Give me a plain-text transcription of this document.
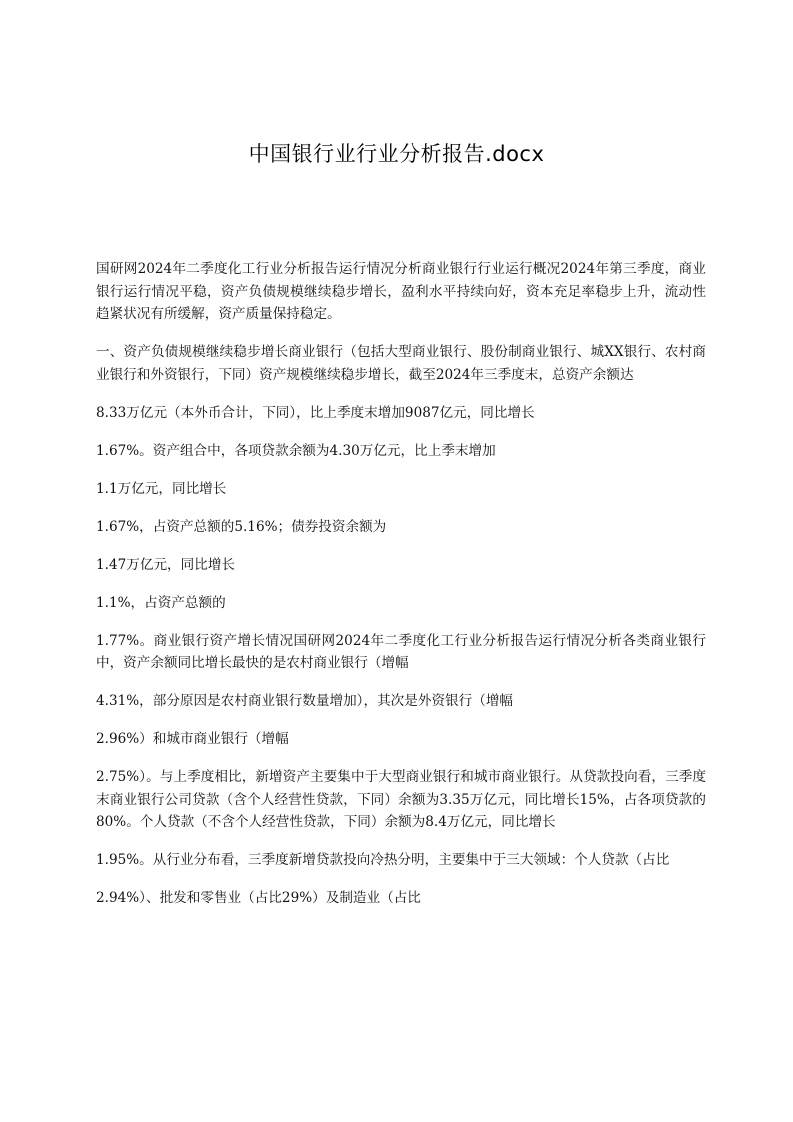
中国银行业行业分析报告.docx

国研网2024年二季度化工行业分析报告运行情况分析商业银行行业运行概况2024年第三季度，商业银行运行情况平稳，资产负债规模继续稳步增长，盈利水平持续向好，资本充足率稳步上升，流动性趋紧状况有所缓解，资产质量保持稳定。

一、资产负债规模继续稳步增长商业银行（包括大型商业银行、股份制商业银行、城XX银行、农村商业银行和外资银行，下同）资产规模继续稳步增长，截至2024年三季度末，总资产余额达

8.33万亿元（本外币合计，下同），比上季度末增加9087亿元，同比增长

1.67%。资产组合中，各项贷款余额为4.30万亿元，比上季末增加

1.1万亿元，同比增长

1.67%，占资产总额的5.16%；债券投资余额为

1.47万亿元，同比增长

1.1%，占资产总额的

1.77%。商业银行资产增长情况国研网2024年二季度化工行业分析报告运行情况分析各类商业银行中，资产余额同比增长最快的是农村商业银行（增幅

4.31%，部分原因是农村商业银行数量增加），其次是外资银行（增幅

2.96%）和城市商业银行（增幅

2.75%）。与上季度相比，新增资产主要集中于大型商业银行和城市商业银行。从贷款投向看，三季度末商业银行公司贷款（含个人经营性贷款，下同）余额为3.35万亿元，同比增长15%，占各项贷款的80%。个人贷款（不含个人经营性贷款，下同）余额为8.4万亿元，同比增长

1.95%。从行业分布看，三季度新增贷款投向冷热分明，主要集中于三大领域：个人贷款（占比

2.94%）、批发和零售业（占比29%）及制造业（占比
